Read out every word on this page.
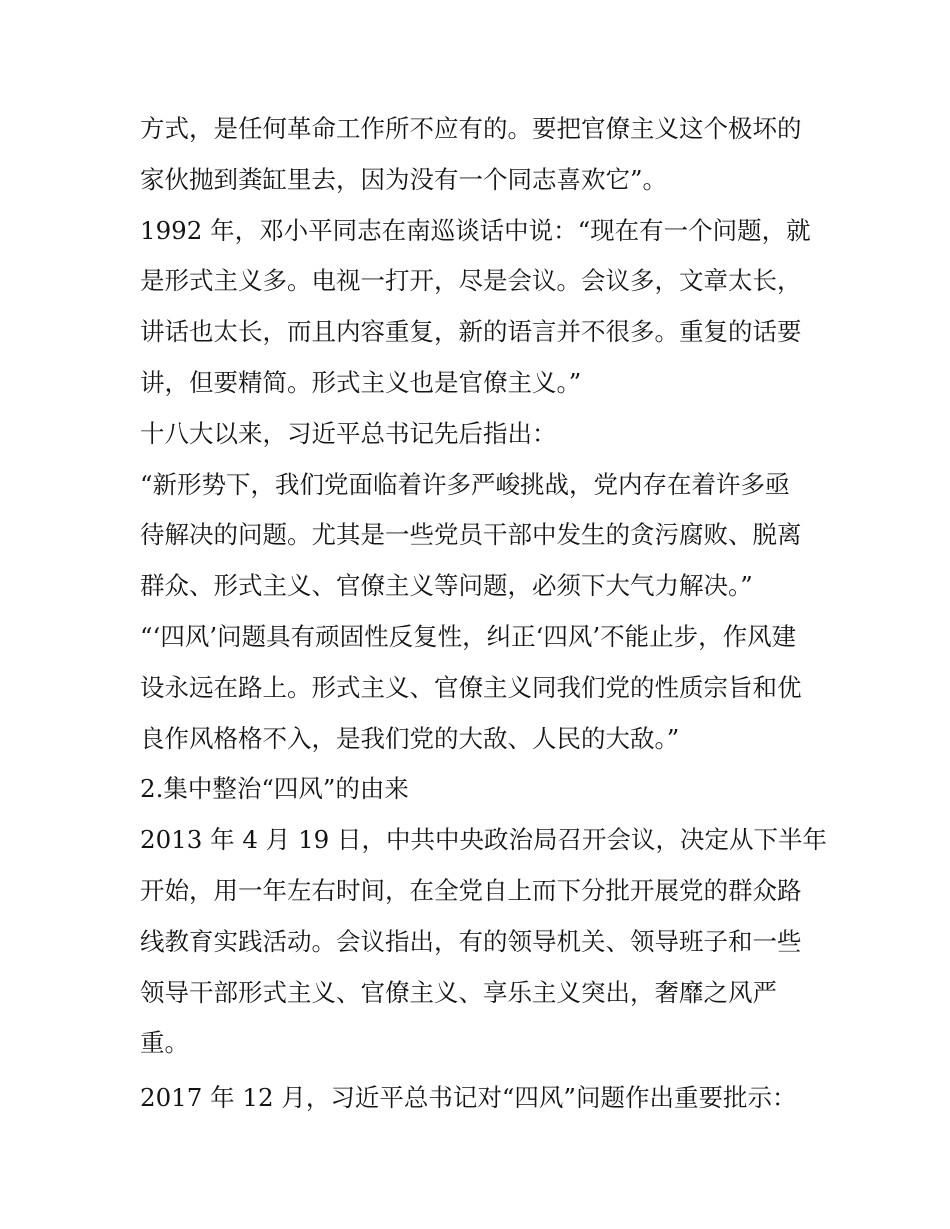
方式，是任何革命工作所不应有的。要把官僚主义这个极坏的
家伙抛到粪缸里去，因为没有一个同志喜欢它”。
1992 年，邓小平同志在南巡谈话中说：“现在有一个问题，就
是形式主义多。电视一打开，尽是会议。会议多，文章太长，
讲话也太长，而且内容重复，新的语言并不很多。重复的话要
讲，但要精简。形式主义也是官僚主义。”
十八大以来，习近平总书记先后指出：
“新形势下，我们党面临着许多严峻挑战，党内存在着许多亟
待解决的问题。尤其是一些党员干部中发生的贪污腐败、脱离
群众、形式主义、官僚主义等问题，必须下大气力解决。”
“‘四风’问题具有顽固性反复性，纠正‘四风’不能止步，作风建
设永远在路上。形式主义、官僚主义同我们党的性质宗旨和优
良作风格格不入，是我们党的大敌、人民的大敌。”
2.集中整治“四风”的由来
2013 年 4 月 19 日，中共中央政治局召开会议，决定从下半年
开始，用一年左右时间，在全党自上而下分批开展党的群众路
线教育实践活动。会议指出，有的领导机关、领导班子和一些
领导干部形式主义、官僚主义、享乐主义突出，奢靡之风严
重。
2017 年 12 月，习近平总书记对“四风”问题作出重要批示：
